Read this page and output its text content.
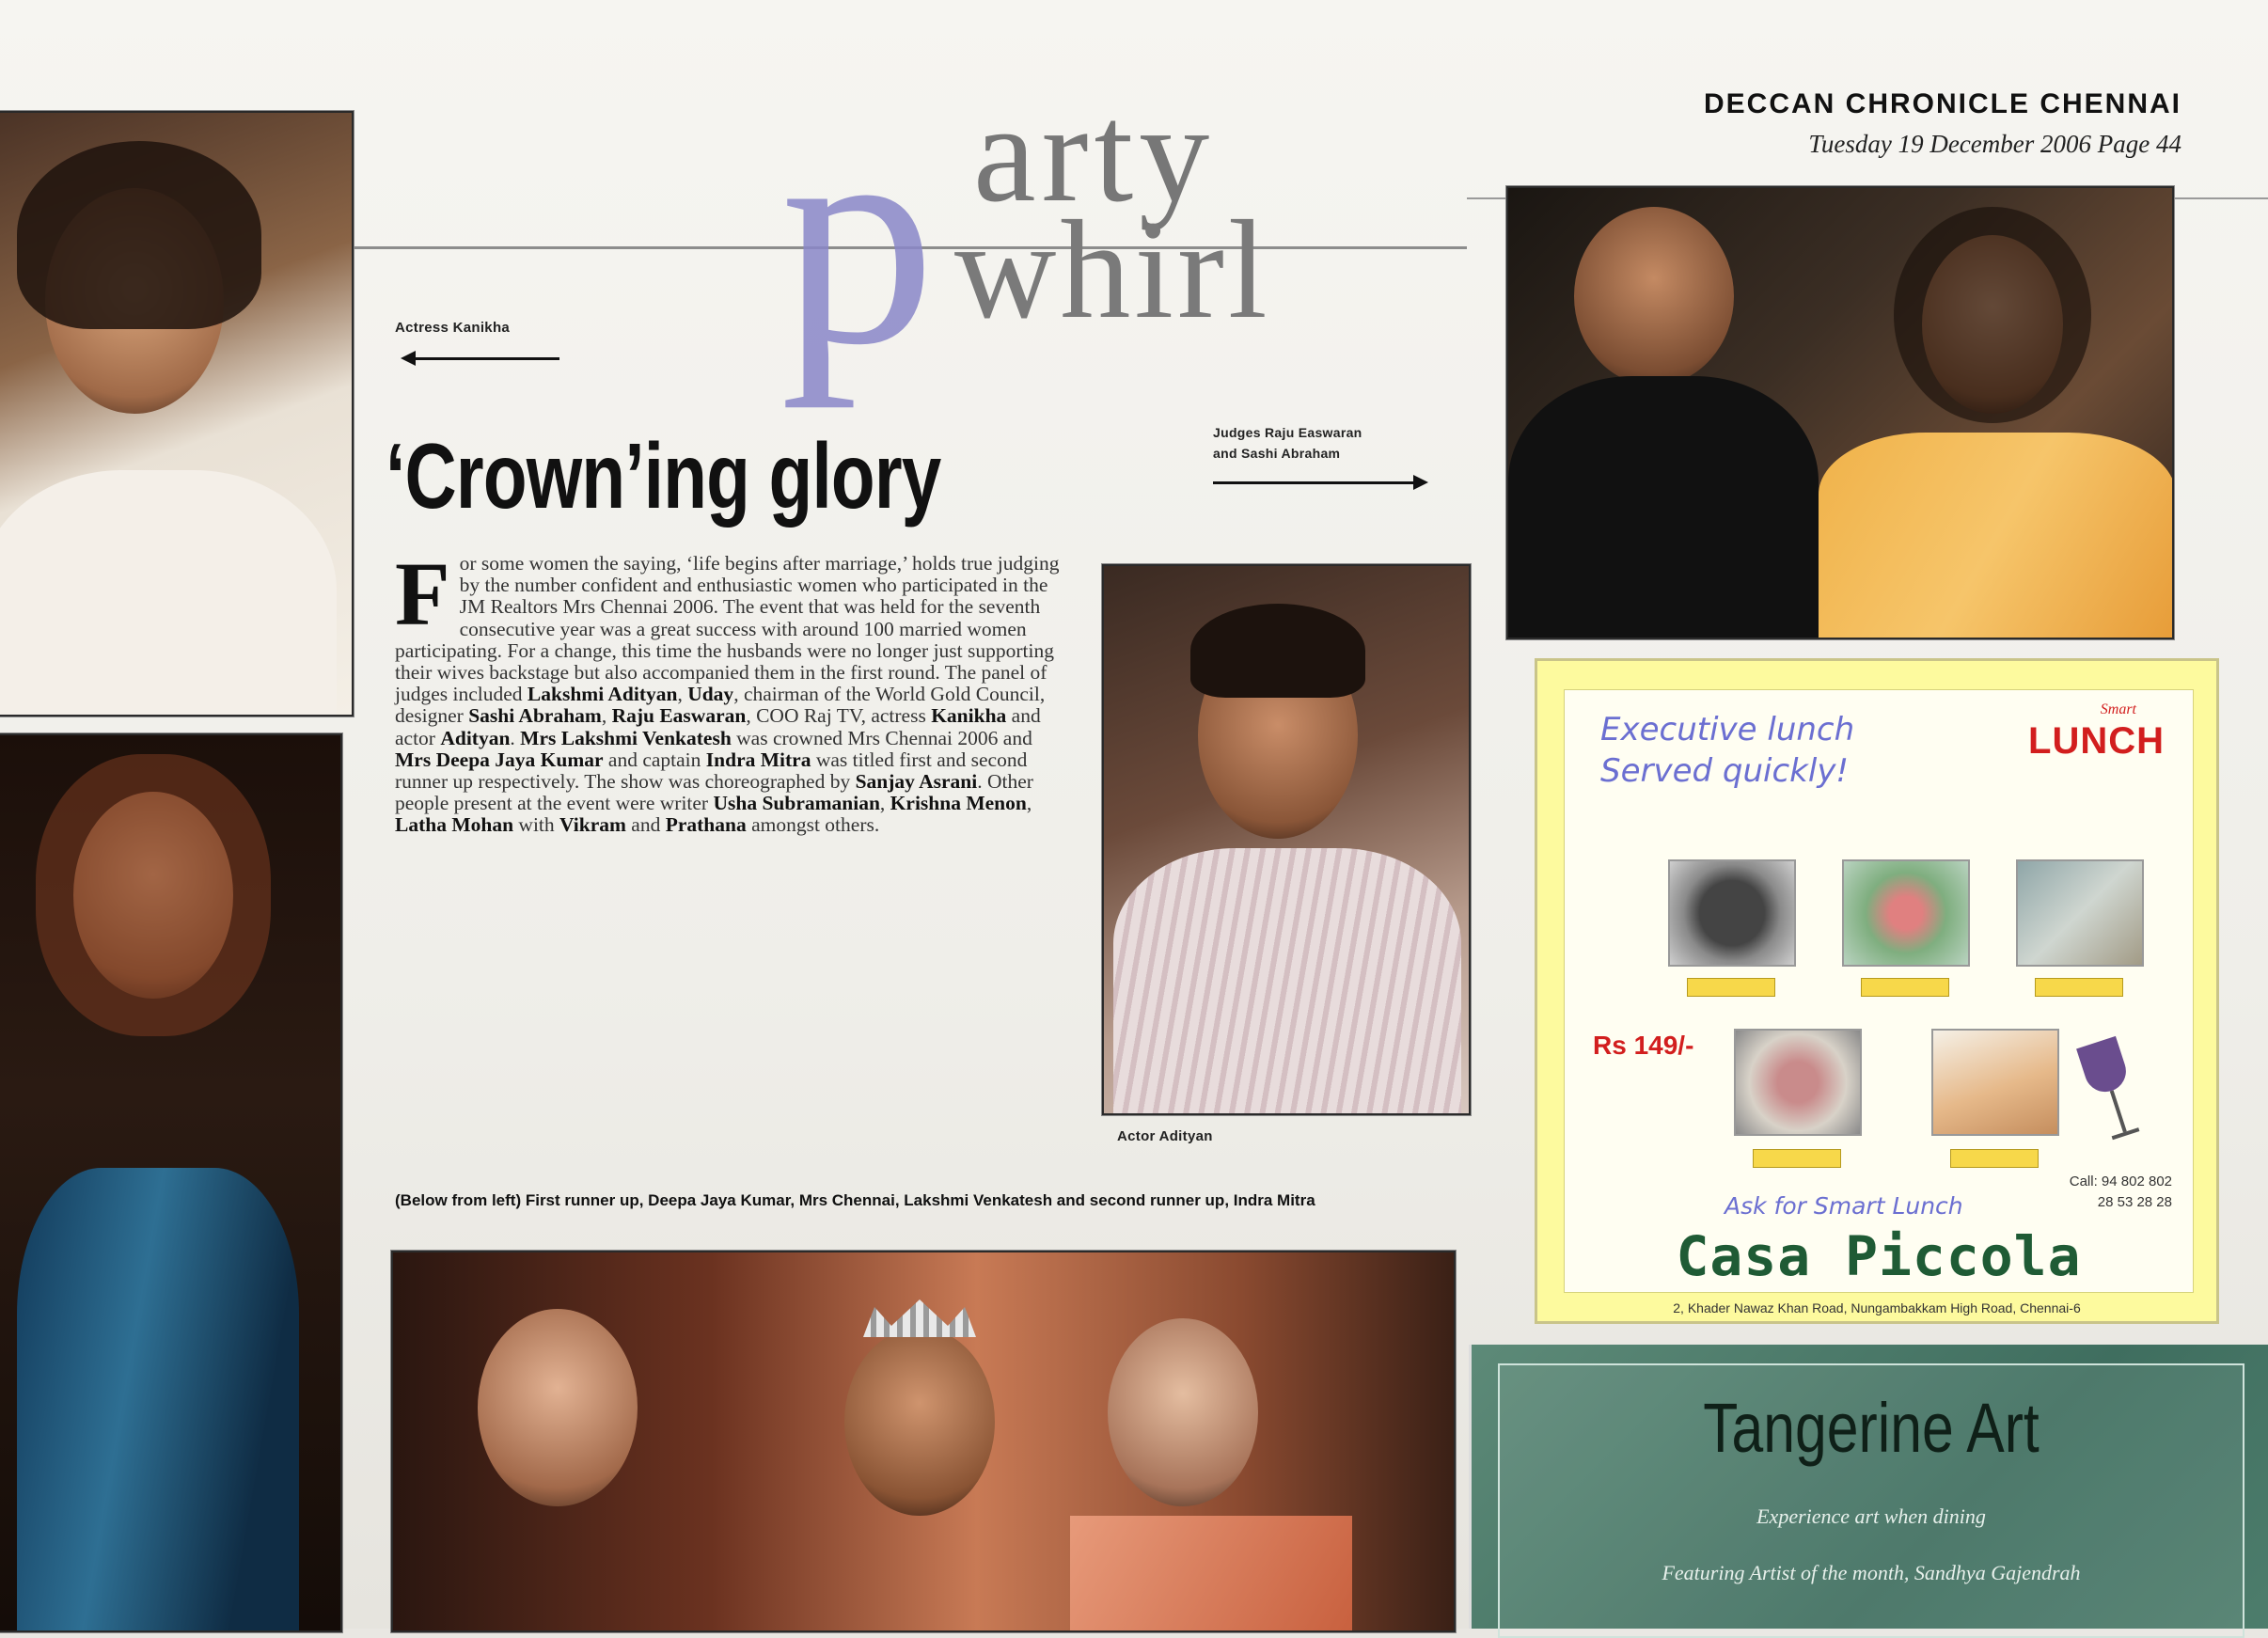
DECCAN CHRONICLE CHENNAI
Tuesday 19 December 2006 Page 44
p arty
whirl
Actress Kanikha
‘Crown’ing glory	Judges Raju Easwaran
and Sashi Abraham
For some women the saying, ‘life begins after marriage,’ holds true judging by the number confident and enthusiastic women who participated in the JM Realtors Mrs Chennai 2006. The event that was held for the seventh consecutive year was a great success with around 100 married women participating. For a change, this time the husbands were no longer just supporting their wives backstage but also accompanied them in the first round. The panel of judges included Lakshmi Adityan, Uday, chairman of the World Gold Council, designer Sashi Abraham, Raju Easwaran, COO Raj TV, actress Kanikha and actor Adityan. Mrs Lakshmi Venkatesh was crowned Mrs Chennai 2006 and Mrs Deepa Jaya Kumar and captain Indra Mitra was titled first and second runner up respectively. The show was choreographed by Sanjay Asrani. Other people present at the event were writer Usha Subramanian, Krishna Menon, Latha Mohan with Vikram and Prathana amongst others.
Actor Adityan
(Below from left) First runner up, Deepa Jaya Kumar, Mrs Chennai, Lakshmi Venkatesh and second runner up, Indra Mitra
Executive lunch
Served quickly!
Smart
LUNCH
Rs 149/-
Ask for Smart Lunch
Call: 94 802 802
28 53 28 28
Casa Piccola
2, Khader Nawaz Khan Road, Nungambakkam High Road, Chennai-6
Tangerine Art
Experience art when dining
Featuring Artist of the month, Sandhya Gajendrah
